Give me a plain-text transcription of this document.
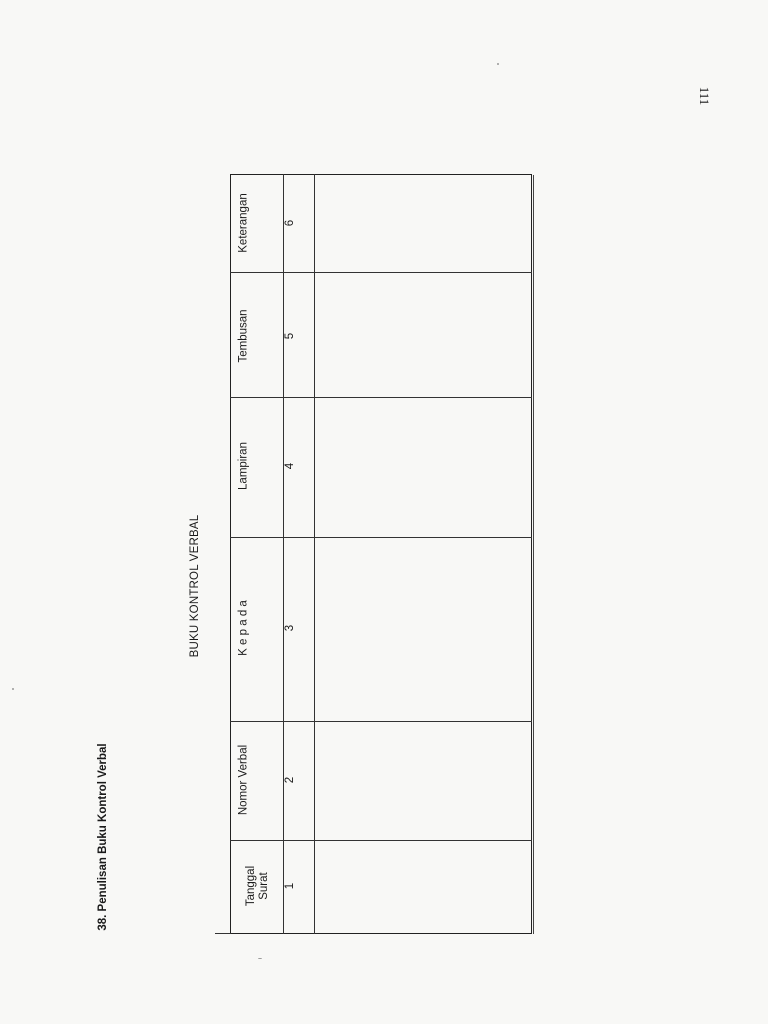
38. Penulisan Buku Kontrol Verbal
BUKU KONTROL VERBAL
111
Tanggal
Surat
Nomor Verbal
K e p a d a
Lampiran
Tembusan
Keterangan
1
2
3
4
5
6
